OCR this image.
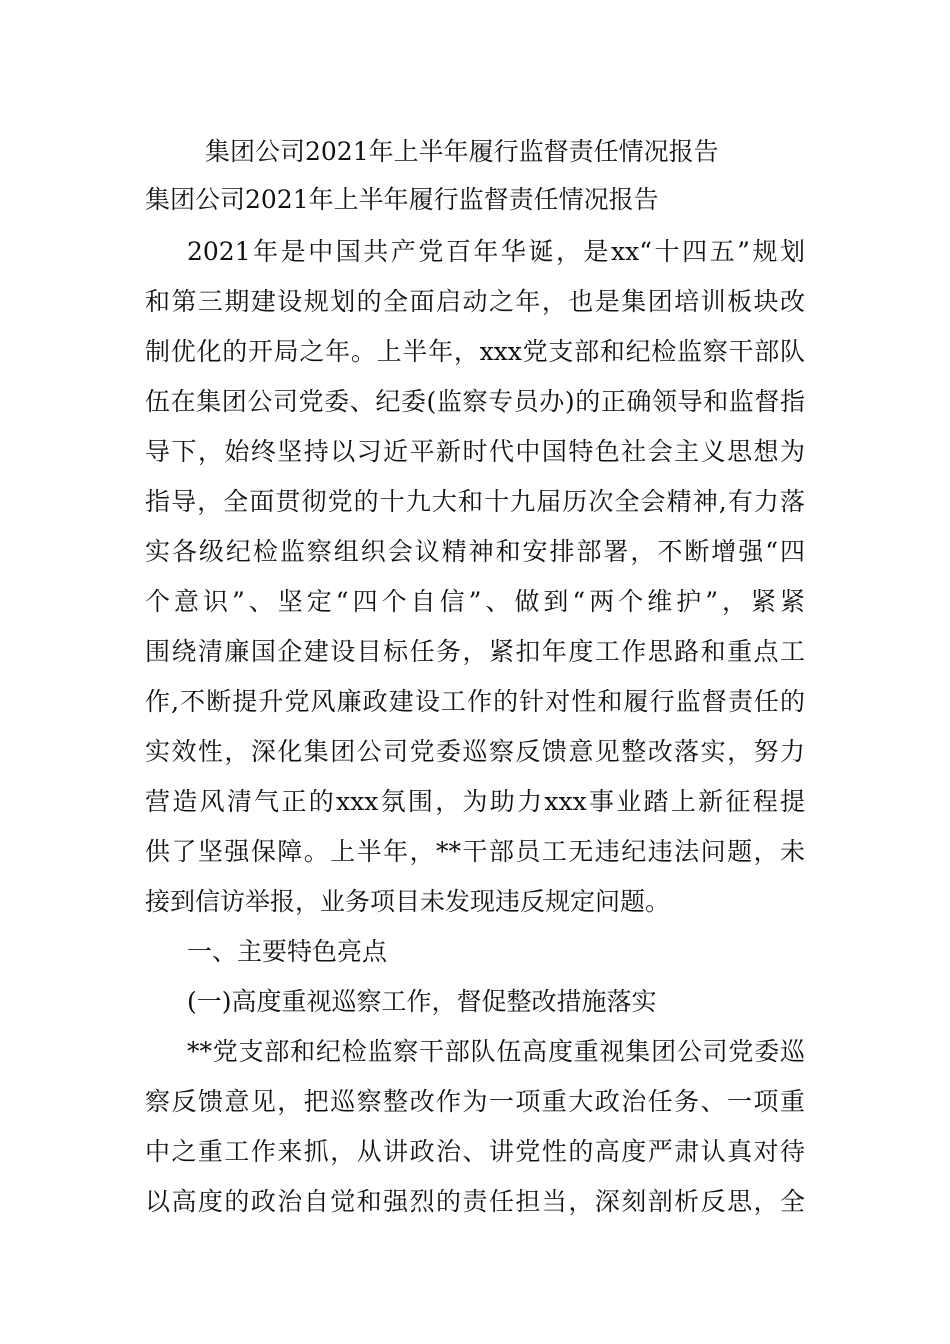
集团公司2021年上半年履行监督责任情况报告
集团公司2021年上半年履行监督责任情况报告
2021年是中国共产党百年华诞，是xx“十四五”规划
和第三期建设规划的全面启动之年，也是集团培训板块改
制优化的开局之年。上半年，xxx党支部和纪检监察干部队
伍在集团公司党委、纪委(监察专员办)的正确领导和监督指
导下，始终坚持以习近平新时代中国特色社会主义思想为
指导，全面贯彻党的十九大和十九届历次全会精神,有力落
实各级纪检监察组织会议精神和安排部署，不断增强“四
个意识”、坚定“四个自信”、做到“两个维护”，紧紧
围绕清廉国企建设目标任务，紧扣年度工作思路和重点工
作,不断提升党风廉政建设工作的针对性和履行监督责任的
实效性，深化集团公司党委巡察反馈意见整改落实，努力
营造风清气正的xxx氛围，为助力xxx事业踏上新征程提
供了坚强保障。上半年，**干部员工无违纪违法问题，未
接到信访举报，业务项目未发现违反规定问题。
一、主要特色亮点
(一)高度重视巡察工作，督促整改措施落实
**党支部和纪检监察干部队伍高度重视集团公司党委巡
察反馈意见，把巡察整改作为一项重大政治任务、一项重
中之重工作来抓，从讲政治、讲党性的高度严肃认真对待
以高度的政治自觉和强烈的责任担当，深刻剖析反思，全
